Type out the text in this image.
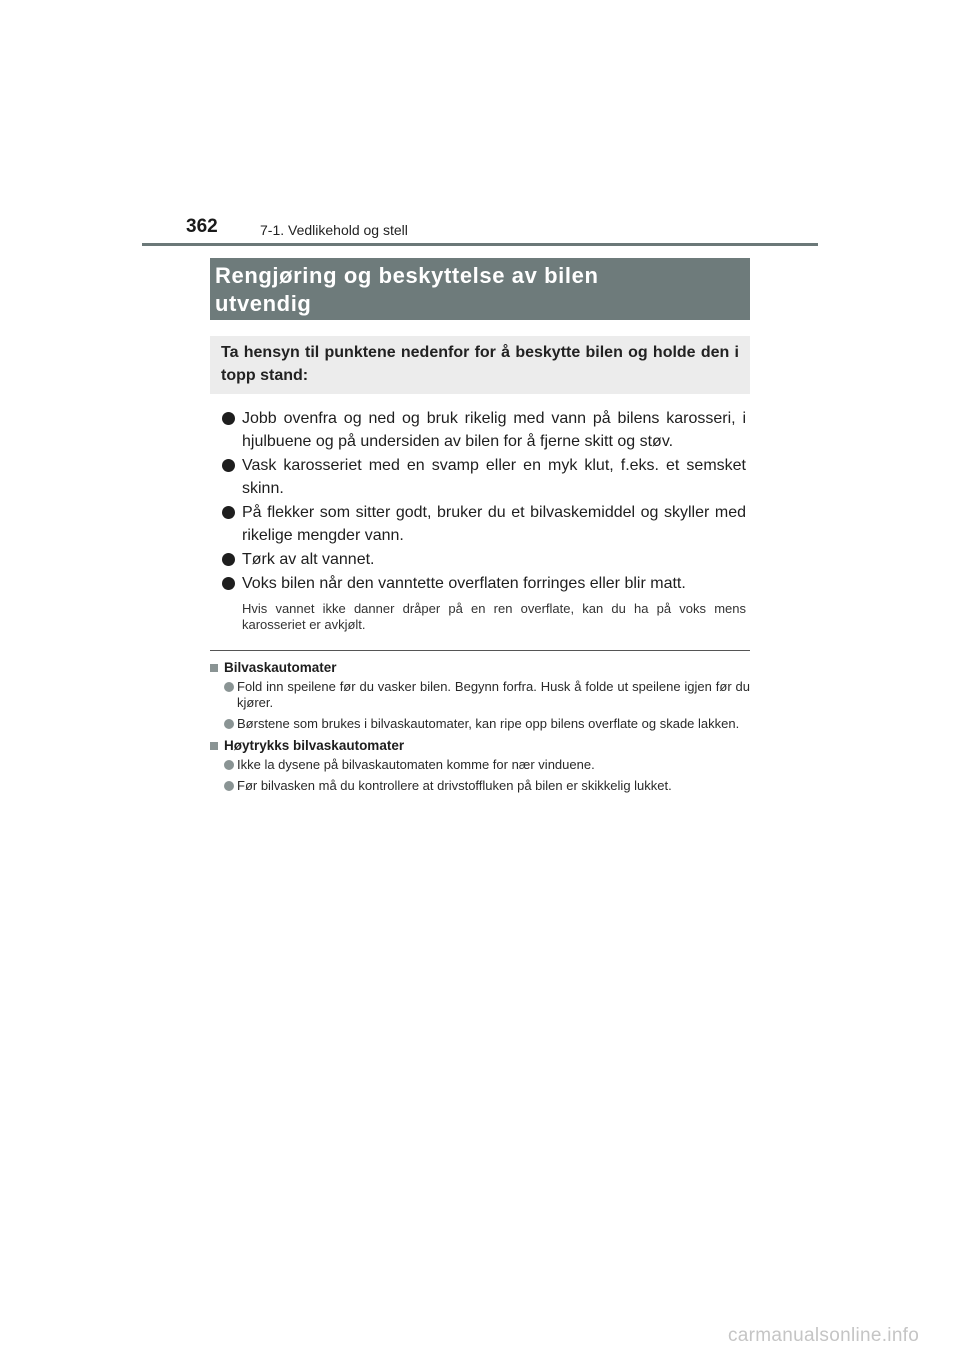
362	7-1. Vedlikehold og stell
Rengjøring og beskyttelse av bilen
utvendig

Ta hensyn til punktene nedenfor for å beskytte bilen og holde den i topp stand:

Jobb ovenfra og ned og bruk rikelig med vann på bilens karosseri, i hjulbuene og på undersiden av bilen for å fjerne skitt og støv.
Vask karosseriet med en svamp eller en myk klut, f.eks. et semsket skinn.
På flekker som sitter godt, bruker du et bilvaskemiddel og skyller med rikelige mengder vann.
Tørk av alt vannet.
Voks bilen når den vanntette overflaten forringes eller blir matt.

Hvis vannet ikke danner dråper på en ren overflate, kan du ha på voks mens karosseriet er avkjølt.

Bilvaskautomater
Fold inn speilene før du vasker bilen. Begynn forfra. Husk å folde ut speilene igjen før du kjører.
Børstene som brukes i bilvaskautomater, kan ripe opp bilens overflate og skade lakken.
Høytrykks bilvaskautomater
Ikke la dysene på bilvaskautomaten komme for nær vinduene.
Før bilvasken må du kontrollere at drivstoffluken på bilen er skikkelig lukket.
carmanualsonline.info
